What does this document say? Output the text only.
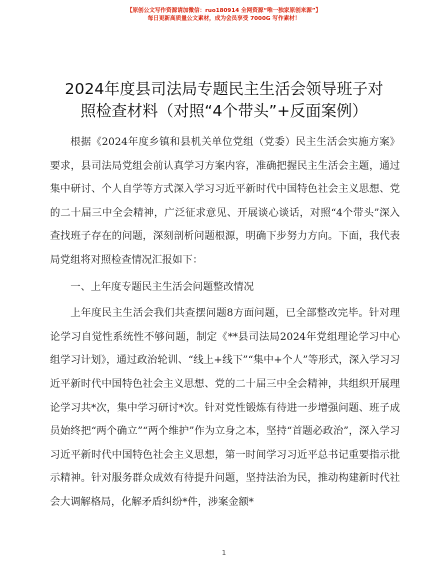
【原创公文写作资源请加微信：ruo180914 全网资源“唯一独家原创来源”】
每日更新高质量公文素材，成为会员享受 7000G 写作素材！
2024年度县司法局专题民主生活会领导班子对
照检查材料（对照“4个带头”+反面案例）

根据《2024年度乡镇和县机关单位党组（党委）民主生活会实施方案》要求，县司法局党组会前认真学习方案内容，准确把握民主生活会主题，通过集中研讨、个人自学等方式深入学习习近平新时代中国特色社会主义思想、党的二十届三中全会精神，广泛征求意见、开展谈心谈话，对照“4个带头”深入查找班子存在的问题，深刻剖析问题根源，明确下步努力方向。下面，我代表局党组将对照检查情况汇报如下：

一、上年度专题民主生活会问题整改情况

上年度民主生活会我们共查摆问题8方面问题，已全部整改完毕。针对理论学习自觉性系统性不够问题，制定《**县司法局2024年党组理论学习中心组学习计划》，通过政治轮训、“线上+线下”“集中+个人”等形式，深入学习习近平新时代中国特色社会主义思想、党的二十届三中全会精神，共组织开展理论学习共*次，集中学习研讨*次。针对党性锻炼有待进一步增强问题、班子成员始终把“两个确立”“两个维护”作为立身之本，坚持“首题必政治”，深入学习习近平新时代中国特色社会主义思想，第一时间学习习近平总书记重要指示批示精神。针对服务群众成效有待提升问题，坚持法治为民，推动构建新时代社会大调解格局，化解矛盾纠纷*件，涉案金额*

1
